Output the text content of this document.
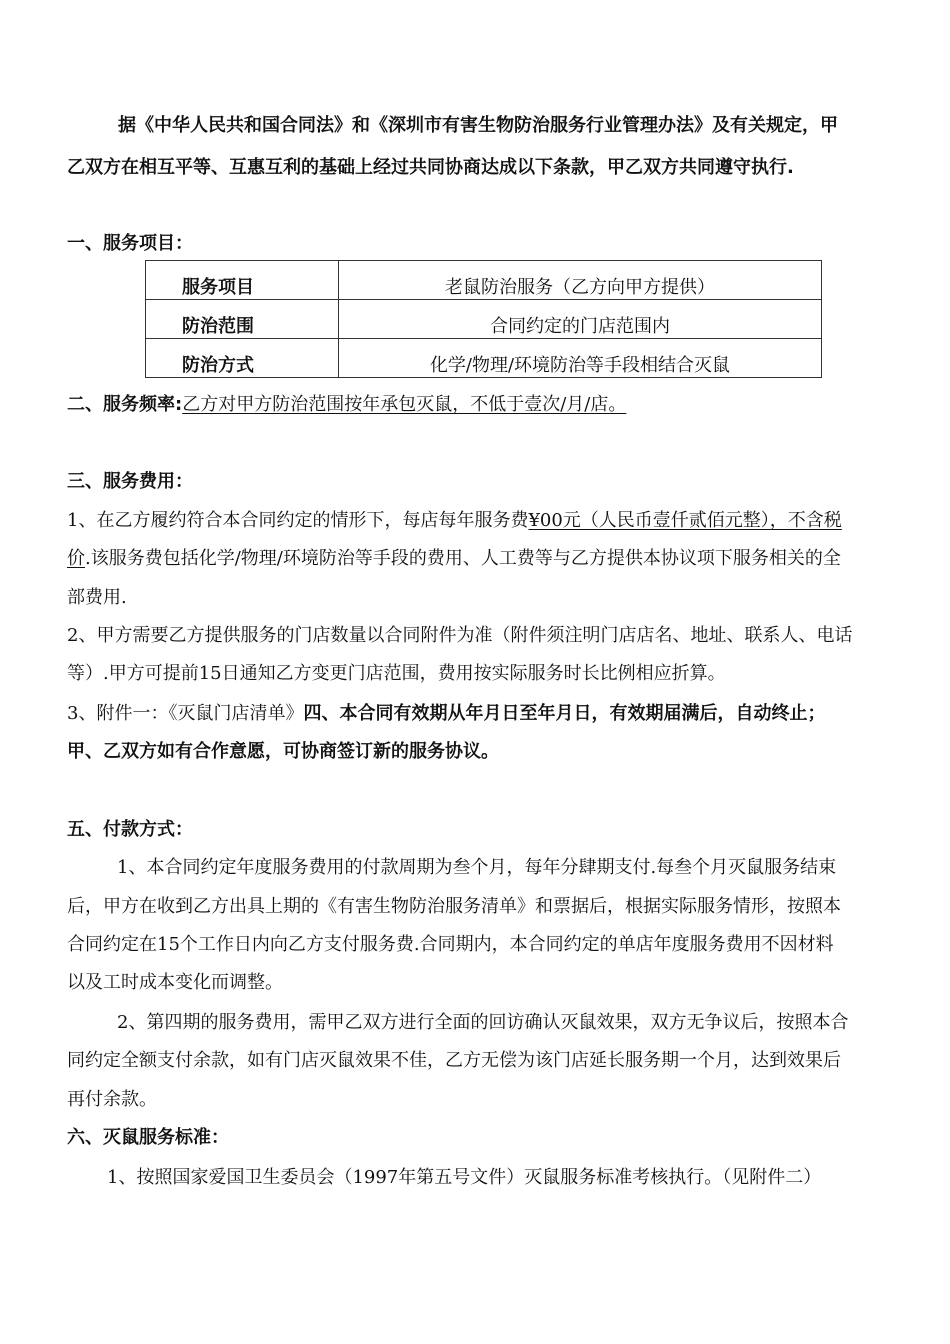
据《中华人民共和国合同法》和《深圳市有害生物防治服务行业管理办法》及有关规定，甲
乙双方在相互平等、互惠互利的基础上经过共同协商达成以下条款，甲乙双方共同遵守执行.
一、服务项目：
服务项目	老鼠防治服务（乙方向甲方提供）
防治范围	合同约定的门店范围内
防治方式	化学/物理/环境防治等手段相结合灭鼠
二、服务频率:乙方对甲方防治范围按年承包灭鼠，不低于壹次/月/店。
三、服务费用：
1、在乙方履约符合本合同约定的情形下，每店每年服务费¥00元（人民币壹仟贰佰元整），不含税
价.该服务费包括化学/物理/环境防治等手段的费用、人工费等与乙方提供本协议项下服务相关的全
部费用.
2、甲方需要乙方提供服务的门店数量以合同附件为准（附件须注明门店店名、地址、联系人、电话
等）.甲方可提前15日通知乙方变更门店范围，费用按实际服务时长比例相应折算。
3、附件一：《灭鼠门店清单》四、本合同有效期从年月日至年月日，有效期届满后，自动终止；
甲、乙双方如有合作意愿，可协商签订新的服务协议。
五、付款方式：
1、本合同约定年度服务费用的付款周期为叁个月，每年分肆期支付.每叁个月灭鼠服务结束
后，甲方在收到乙方出具上期的《有害生物防治服务清单》和票据后，根据实际服务情形，按照本
合同约定在15个工作日内向乙方支付服务费.合同期内，本合同约定的单店年度服务费用不因材料
以及工时成本变化而调整。
2、第四期的服务费用，需甲乙双方进行全面的回访确认灭鼠效果，双方无争议后，按照本合
同约定全额支付余款，如有门店灭鼠效果不佳，乙方无偿为该门店延长服务期一个月，达到效果后
再付余款。
六、灭鼠服务标准：
1、按照国家爱国卫生委员会（1997年第五号文件）灭鼠服务标准考核执行。（见附件二）
